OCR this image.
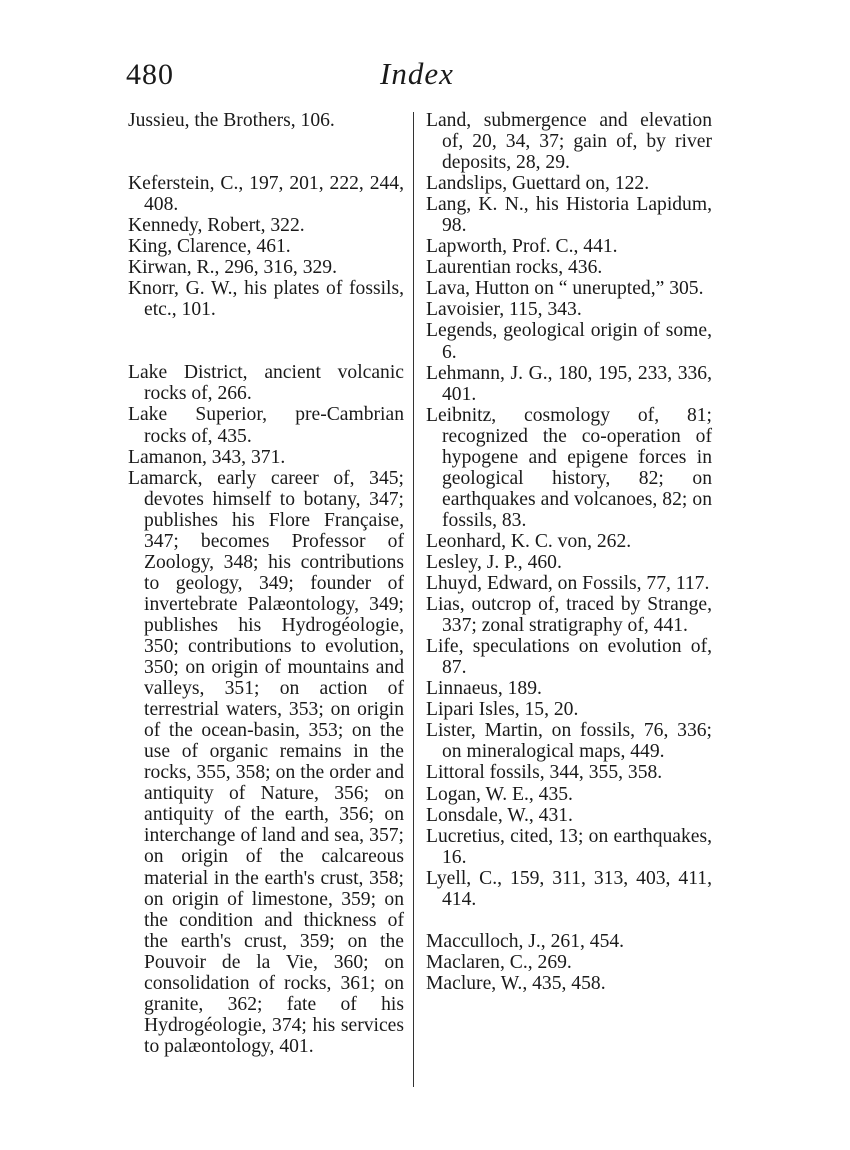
480	Index

Jussieu, the Brothers, 106.

Keferstein, C., 197, 201, 222, 244, 408.

Kennedy, Robert, 322.

King, Clarence, 461.

Kirwan, R., 296, 316, 329.

Knorr, G. W., his plates of fossils, etc., 101.

Lake District, ancient volcanic rocks of, 266.

Lake Superior, pre-Cambrian rocks of, 435.

Lamanon, 343, 371.

Lamarck, early career of, 345; devotes himself to botany, 347; publishes his Flore Française, 347; becomes Professor of Zoology, 348; his contributions to geology, 349; founder of invertebrate Palæontology, 349; publishes his Hydrogéologie, 350; contributions to evolution, 350; on origin of mountains and valleys, 351; on action of terrestrial waters, 353; on origin of the ocean-basin, 353; on the use of organic remains in the rocks, 355, 358; on the order and antiquity of Nature, 356; on antiquity of the earth, 356; on interchange of land and sea, 357; on origin of the calcareous material in the earth's crust, 358; on origin of limestone, 359; on the condition and thickness of the earth's crust, 359; on the Pouvoir de la Vie, 360; on consolidation of rocks, 361; on granite, 362; fate of his Hydrogéologie, 374; his services to palæontology, 401.

Land, submergence and elevation of, 20, 34, 37; gain of, by river deposits, 28, 29.

Landslips, Guettard on, 122.

Lang, K. N., his Historia Lapidum, 98.

Lapworth, Prof. C., 441.

Laurentian rocks, 436.

Lava, Hutton on “ unerupted,” 305.

Lavoisier, 115, 343.

Legends, geological origin of some, 6.

Lehmann, J. G., 180, 195, 233, 336, 401.

Leibnitz, cosmology of, 81; recognized the co-operation of hypogene and epigene forces in geological history, 82; on earthquakes and volcanoes, 82; on fossils, 83.

Leonhard, K. C. von, 262.

Lesley, J. P., 460.

Lhuyd, Edward, on Fossils, 77, 117.

Lias, outcrop of, traced by Strange, 337; zonal stratigraphy of, 441.

Life, speculations on evolution of, 87.

Linnaeus, 189.

Lipari Isles, 15, 20.

Lister, Martin, on fossils, 76, 336; on mineralogical maps, 449.

Littoral fossils, 344, 355, 358.

Logan, W. E., 435.

Lonsdale, W., 431.

Lucretius, cited, 13; on earthquakes, 16.

Lyell, C., 159, 311, 313, 403, 411, 414.

Macculloch, J., 261, 454.

Maclaren, C., 269.

Maclure, W., 435, 458.
